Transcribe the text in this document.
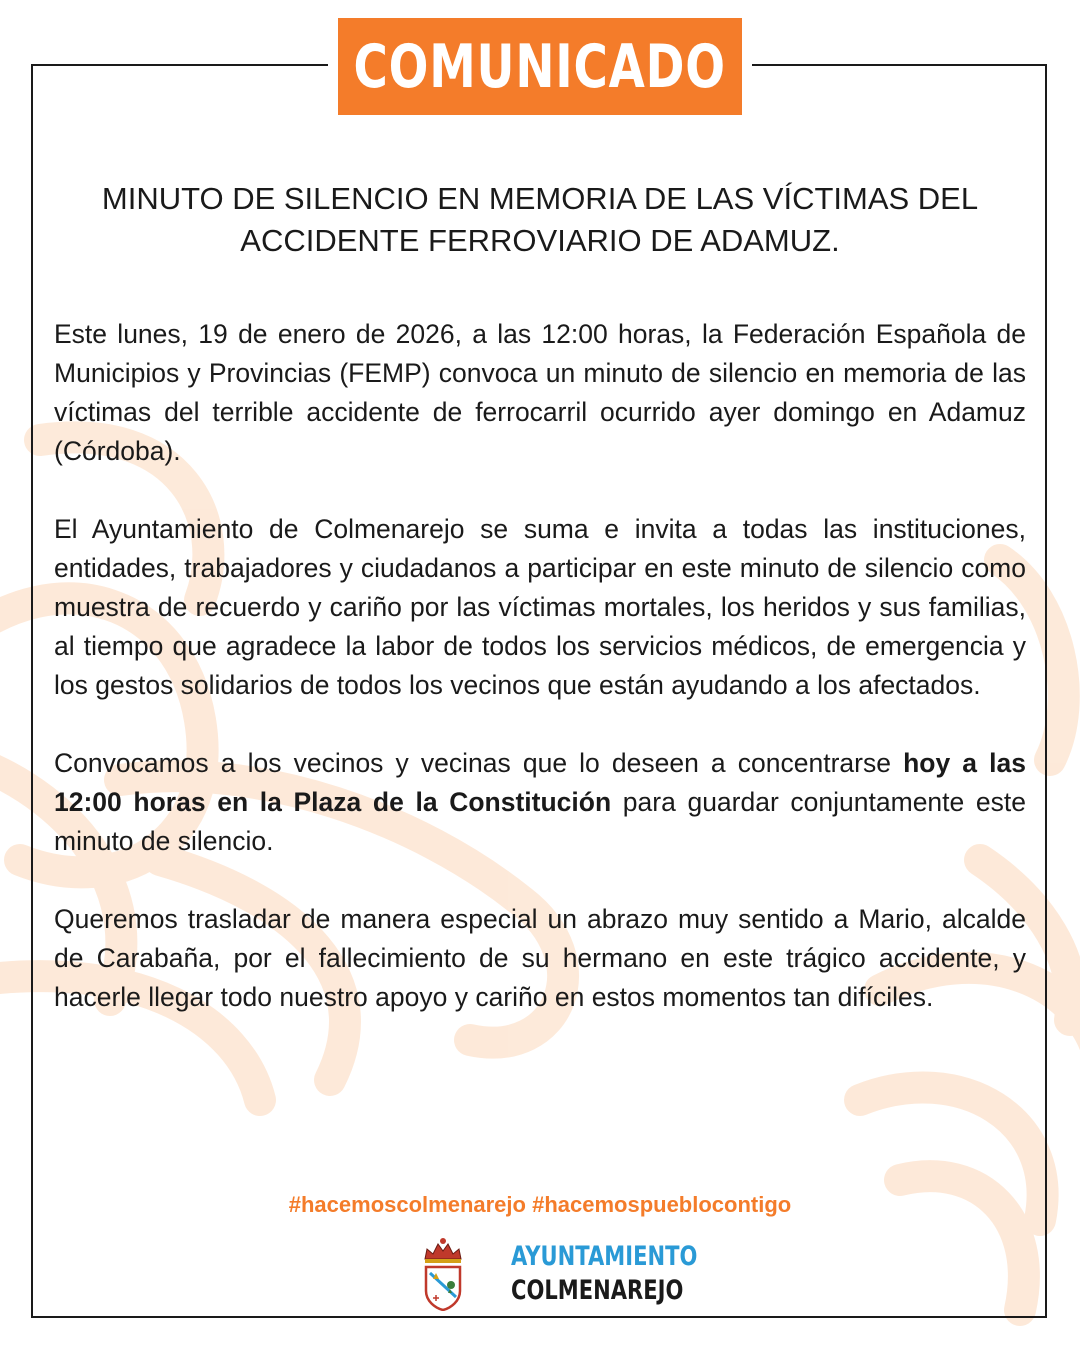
COMUNICADO
MINUTO DE SILENCIO EN MEMORIA DE LAS VÍCTIMAS DEL
ACCIDENTE FERROVIARIO DE ADAMUZ.

Este lunes, 19 de enero de 2026, a las 12:00 horas, la Federación Española de Municipios y Provincias (FEMP) convoca un minuto de silencio en memoria de las víctimas del terrible accidente de ferrocarril ocurrido ayer domingo en Adamuz (Córdoba).

El Ayuntamiento de Colmenarejo se suma e invita a todas las instituciones, entidades, trabajadores y ciudadanos a participar en este minuto de silencio como muestra de recuerdo y cariño por las víctimas mortales, los heridos y sus familias, al tiempo que agradece la labor de todos los servicios médicos, de emergencia y los gestos solidarios de todos los vecinos que están ayudando a los afectados.

Convocamos a los vecinos y vecinas que lo deseen a concentrarse hoy a las 12:00 horas en la Plaza de la Constitución para guardar conjuntamente este minuto de silencio.

Queremos trasladar de manera especial un abrazo muy sentido a Mario, alcalde de Carabaña, por el fallecimiento de su hermano en este trágico accidente, y hacerle llegar todo nuestro apoyo y cariño en estos momentos tan difíciles.

#hacemoscolmenarejo #hacemospueblocontigo
AYUNTAMIENTO
COLMENAREJO
